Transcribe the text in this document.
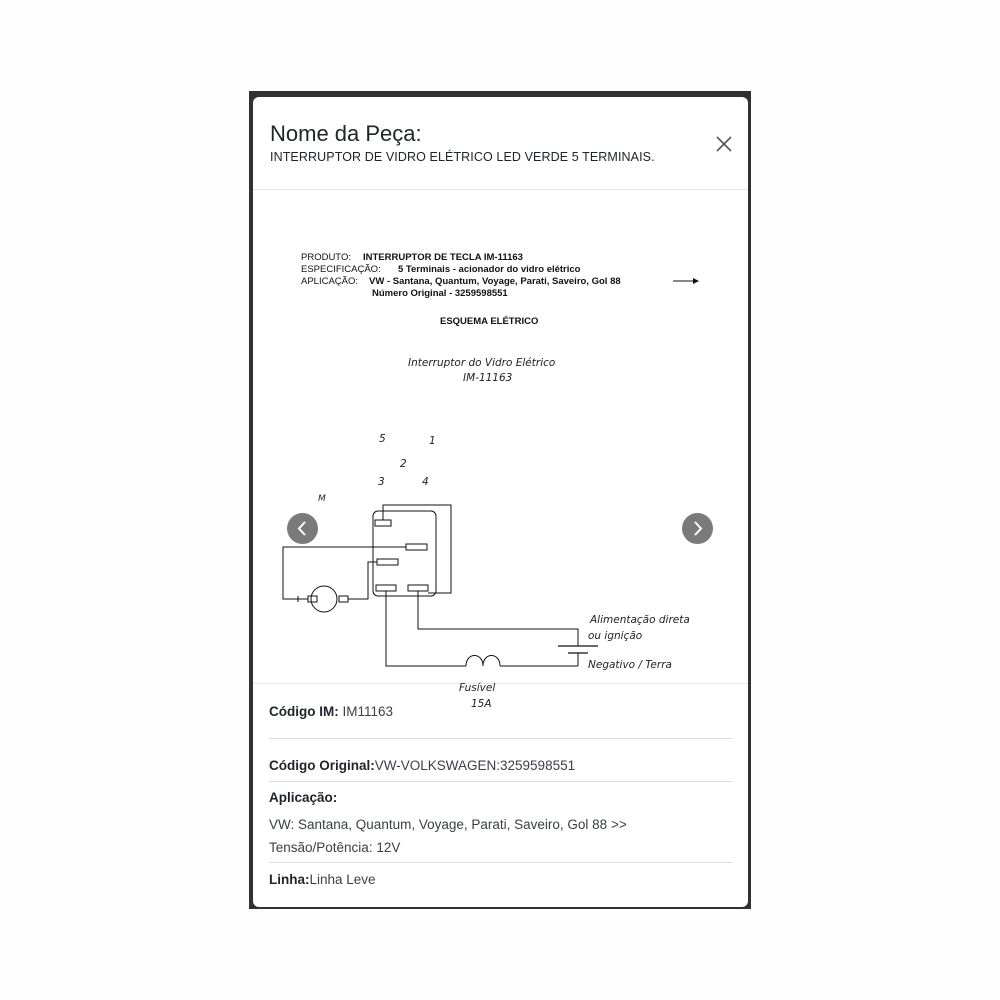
Nome da Peça:
INTERRUPTOR DE VIDRO ELÉTRICO LED VERDE 5 TERMINAIS.
PRODUTO: INTERRUPTOR DE TECLA IM-11163
ESPECIFICAÇÃO: 5 Terminais - acionador do vidro elétrico
APLICAÇÃO: VW - Santana, Quantum, Voyage, Parati, Saveiro, Gol 88
Número Original - 3259598551
ESQUEMA ELÉTRICO
Interruptor do Vidro Elétrico
IM-11163
5	1
2
3	4
M
Alimentação direta
ou ignição
Negativo / Terra
Fusível
15A
Código IM: IM11163
Código Original:VW-VOLKSWAGEN:3259598551
Aplicação:
VW: Santana, Quantum, Voyage, Parati, Saveiro, Gol 88 >>
Tensão/Potência: 12V
Linha:Linha Leve
